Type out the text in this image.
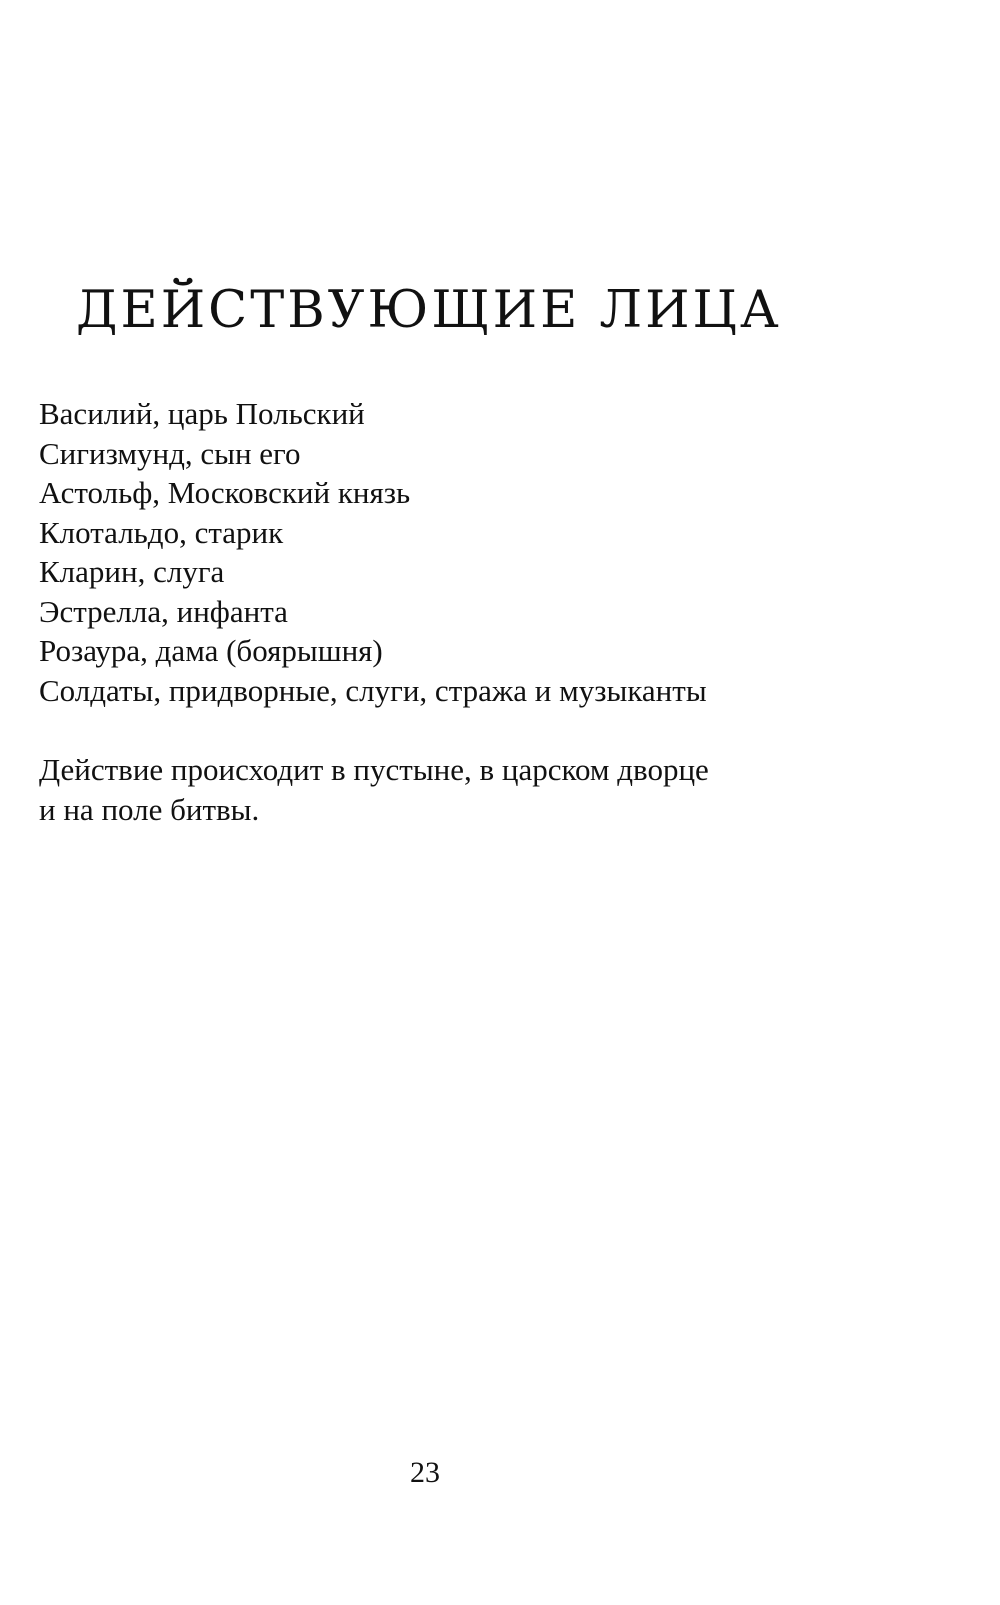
ДЕЙСТВУЮЩИЕ ЛИЦА
Василий, царь Польский
Сигизмунд, сын его
Астольф, Московский князь
Клотальдо, старик
Кларин, слуга
Эстрелла, инфанта
Розаура, дама (боярышня)
Солдаты, придворные, слуги, стража и музыканты

Действие происходит в пустыне, в царском дворце
и на поле битвы.

23
